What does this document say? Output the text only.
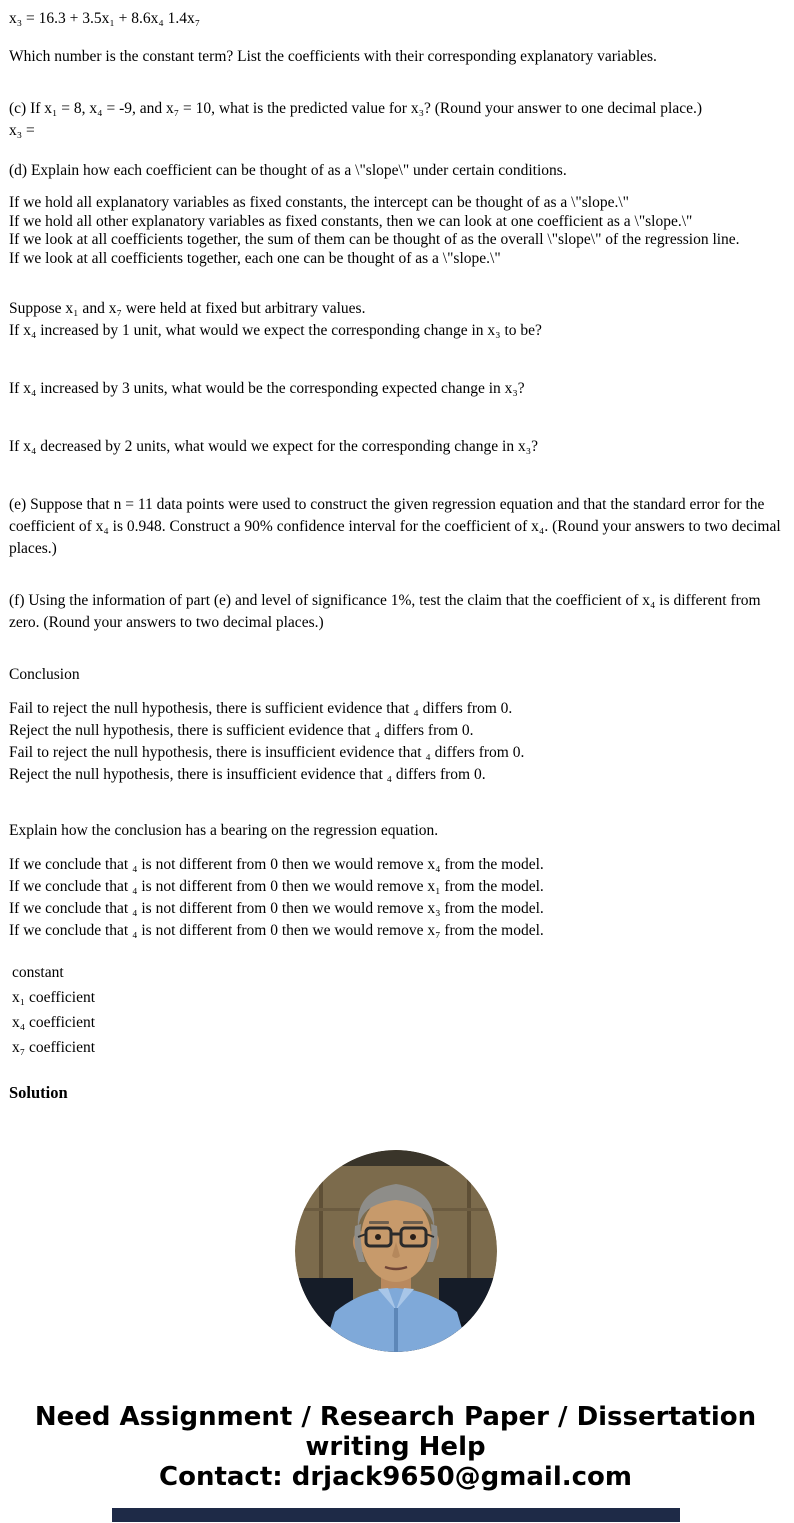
x₃ = 16.3 + 3.5x₁ + 8.6x₄ 1.4x₇

Which number is the constant term? List the coefficients with their corresponding explanatory variables.

(c) If x₁ = 8, x₄ = -9, and x₇ = 10, what is the predicted value for x₃? (Round your answer to one decimal place.)

x₃ =

(d) Explain how each coefficient can be thought of as a \"slope\" under certain conditions.

If we hold all explanatory variables as fixed constants, the intercept can be thought of as a \"slope.\"

If we hold all other explanatory variables as fixed constants, then we can look at one coefficient as a \"slope.\"

If we look at all coefficients together, the sum of them can be thought of as the overall \"slope\" of the regression line.

If we look at all coefficients together, each one can be thought of as a \"slope.\"

Suppose x₁ and x₇ were held at fixed but arbitrary values.

If x₄ increased by 1 unit, what would we expect the corresponding change in x₃ to be?

If x₄ increased by 3 units, what would be the corresponding expected change in x₃?

If x₄ decreased by 2 units, what would we expect for the corresponding change in x₃?

(e) Suppose that n = 11 data points were used to construct the given regression equation and that the standard error for the coefficient of x₄ is 0.948. Construct a 90% confidence interval for the coefficient of x₄. (Round your answers to two decimal places.)

(f) Using the information of part (e) and level of significance 1%, test the claim that the coefficient of x₄ is different from zero. (Round your answers to two decimal places.)

Conclusion

Fail to reject the null hypothesis, there is sufficient evidence that ₄ differs from 0.

Reject the null hypothesis, there is sufficient evidence that ₄ differs from 0.

Fail to reject the null hypothesis, there is insufficient evidence that ₄ differs from 0.

Reject the null hypothesis, there is insufficient evidence that ₄ differs from 0.

Explain how the conclusion has a bearing on the regression equation.

If we conclude that ₄ is not different from 0 then we would remove x₄ from the model.

If we conclude that ₄ is not different from 0 then we would remove x₁ from the model.

If we conclude that ₄ is not different from 0 then we would remove x₃ from the model.

If we conclude that ₄ is not different from 0 then we would remove x₇ from the model.

constant

x₁ coefficient

x₄ coefficient

x₇ coefficient

Solution

Need Assignment / Research Paper / Dissertation writing Help
Contact: drjack9650@gmail.com
